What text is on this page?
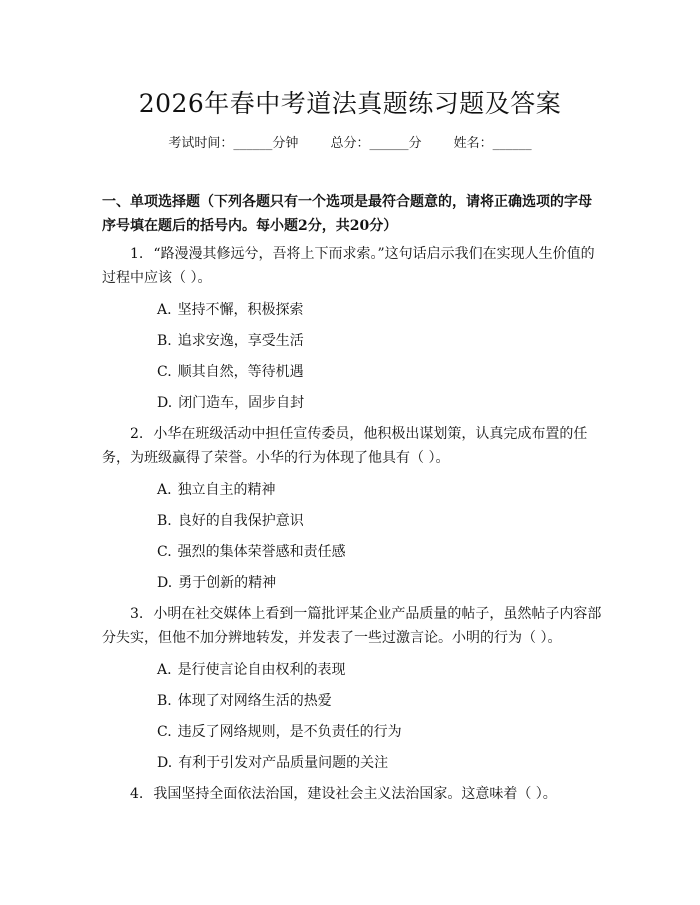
2026年春中考道法真题练习题及答案
考试时间：______分钟 总分：______分 姓名：______
一、单项选择题（下列各题只有一个选项是最符合题意的，请将正确选项的字母序号填在题后的括号内。每小题2分，共20分）
1. “路漫漫其修远兮，吾将上下而求索。”这句话启示我们在实现人生价值的过程中应该（ ）。
A. 坚持不懈，积极探索
B. 追求安逸，享受生活
C. 顺其自然，等待机遇
D. 闭门造车，固步自封
2. 小华在班级活动中担任宣传委员，他积极出谋划策，认真完成布置的任务，为班级赢得了荣誉。小华的行为体现了他具有（ ）。
A. 独立自主的精神
B. 良好的自我保护意识
C. 强烈的集体荣誉感和责任感
D. 勇于创新的精神
3. 小明在社交媒体上看到一篇批评某企业产品质量的帖子，虽然帖子内容部分失实，但他不加分辨地转发，并发表了一些过激言论。小明的行为（ ）。
A. 是行使言论自由权利的表现
B. 体现了对网络生活的热爱
C. 违反了网络规则，是不负责任的行为
D. 有利于引发对产品质量问题的关注
4. 我国坚持全面依法治国，建设社会主义法治国家。这意味着（ ）。
